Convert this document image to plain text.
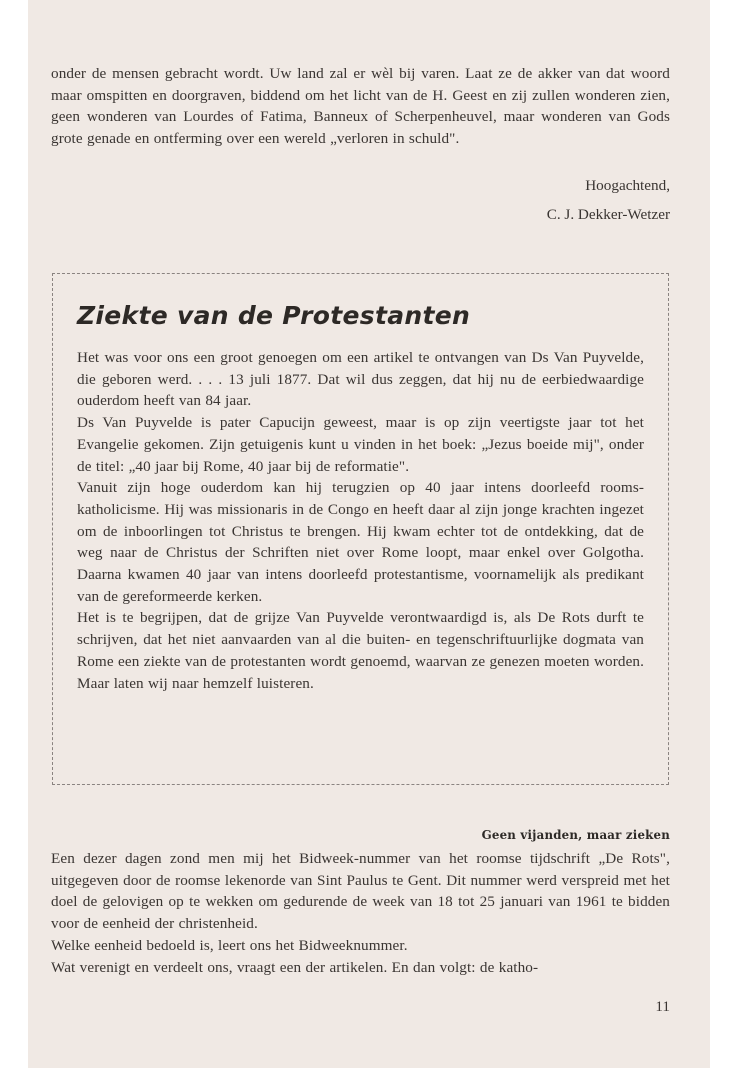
onder de mensen gebracht wordt. Uw land zal er wèl bij varen. Laat ze de akker van dat woord maar omspitten en doorgraven, biddend om het licht van de H. Geest en zij zullen wonderen zien, geen wonderen van Lourdes of Fatima, Banneux of Scherpenheuvel, maar wonderen van Gods grote genade en ontferming over een wereld „verloren in schuld".

Hoogachtend,
C. J. Dekker-Wetzer
Ziekte van de Protestanten

Het was voor ons een groot genoegen om een artikel te ontvangen van Ds Van Puyvelde, die geboren werd. . . . 13 juli 1877. Dat wil dus zeggen, dat hij nu de eerbiedwaardige ouderdom heeft van 84 jaar.

Ds Van Puyvelde is pater Capucijn geweest, maar is op zijn veertigste jaar tot het Evangelie gekomen. Zijn getuigenis kunt u vinden in het boek: „Jezus boeide mij", onder de titel: „40 jaar bij Rome, 40 jaar bij de reformatie".

Vanuit zijn hoge ouderdom kan hij terugzien op 40 jaar intens doorleefd rooms-katholicisme. Hij was missionaris in de Congo en heeft daar al zijn jonge krachten ingezet om de inboorlingen tot Christus te brengen. Hij kwam echter tot de ontdekking, dat de weg naar de Christus der Schriften niet over Rome loopt, maar enkel over Golgotha. Daarna kwamen 40 jaar van intens doorleefd protestantisme, voornamelijk als predikant van de gereformeerde kerken.

Het is te begrijpen, dat de grijze Van Puyvelde verontwaardigd is, als De Rots durft te schrijven, dat het niet aanvaarden van al die buiten- en tegenschriftuurlijke dogmata van Rome een ziekte van de protestanten wordt genoemd, waarvan ze genezen moeten worden. Maar laten wij naar hemzelf luisteren.

Geen vijanden, maar zieken

Een dezer dagen zond men mij het Bidweek-nummer van het roomse tijdschrift „De Rots", uitgegeven door de roomse lekenorde van Sint Paulus te Gent. Dit nummer werd verspreid met het doel de gelovigen op te wekken om gedurende de week van 18 tot 25 januari van 1961 te bidden voor de eenheid der christenheid.

Welke eenheid bedoeld is, leert ons het Bidweeknummer.

Wat verenigt en verdeelt ons, vraagt een der artikelen. En dan volgt: de katho-

11
